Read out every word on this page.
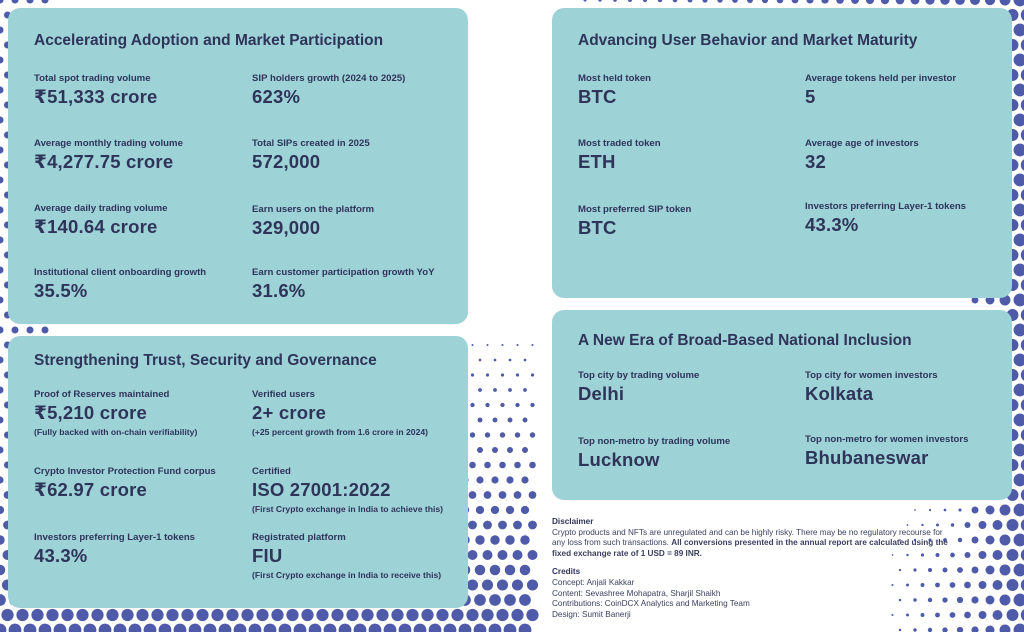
Accelerating Adoption and Market Participation
Total spot trading volume
₹51,333 crore
SIP holders growth (2024 to 2025)
623%
Average monthly trading volume
₹4,277.75 crore
Total SIPs created in 2025
572,000
Average daily trading volume
₹140.64 crore
Earn users on the platform
329,000
Institutional client onboarding growth
35.5%
Earn customer participation growth YoY
31.6%
Strengthening Trust, Security and Governance
Proof of Reserves maintained
₹5,210 crore
(Fully backed with on-chain verifiability)
Verified users
2+ crore
(+25 percent growth from 1.6 crore in 2024)
Crypto Investor Protection Fund corpus
₹62.97 crore
Certified
ISO 27001:2022
(First Crypto exchange in India to achieve this)
Investors preferring Layer-1 tokens
43.3%
Registrated platform
FIU
(First Crypto exchange in India to receive this)
Advancing User Behavior and Market Maturity
Most held token
BTC
Average tokens held per investor
5
Most traded token
ETH
Average age of investors
32
Most preferred SIP token
BTC
Investors preferring Layer-1 tokens
43.3%
A New Era of Broad-Based National Inclusion
Top city by trading volume
Delhi
Top city for women investors
Kolkata
Top non-metro by trading volume
Lucknow
Top non-metro for women investors
Bhubaneswar
Disclaimer
Crypto products and NFTs are unregulated and can be highly risky. There may be no regulatory recourse for any loss from such transactions. All conversions presented in the annual report are calculated using the fixed exchange rate of 1 USD = 89 INR.
Credits
Concept: Anjali Kakkar
Content: Sevashree Mohapatra, Sharjil Shaikh
Contributions: CoinDCX Analytics and Marketing Team
Design: Sumit Banerji
